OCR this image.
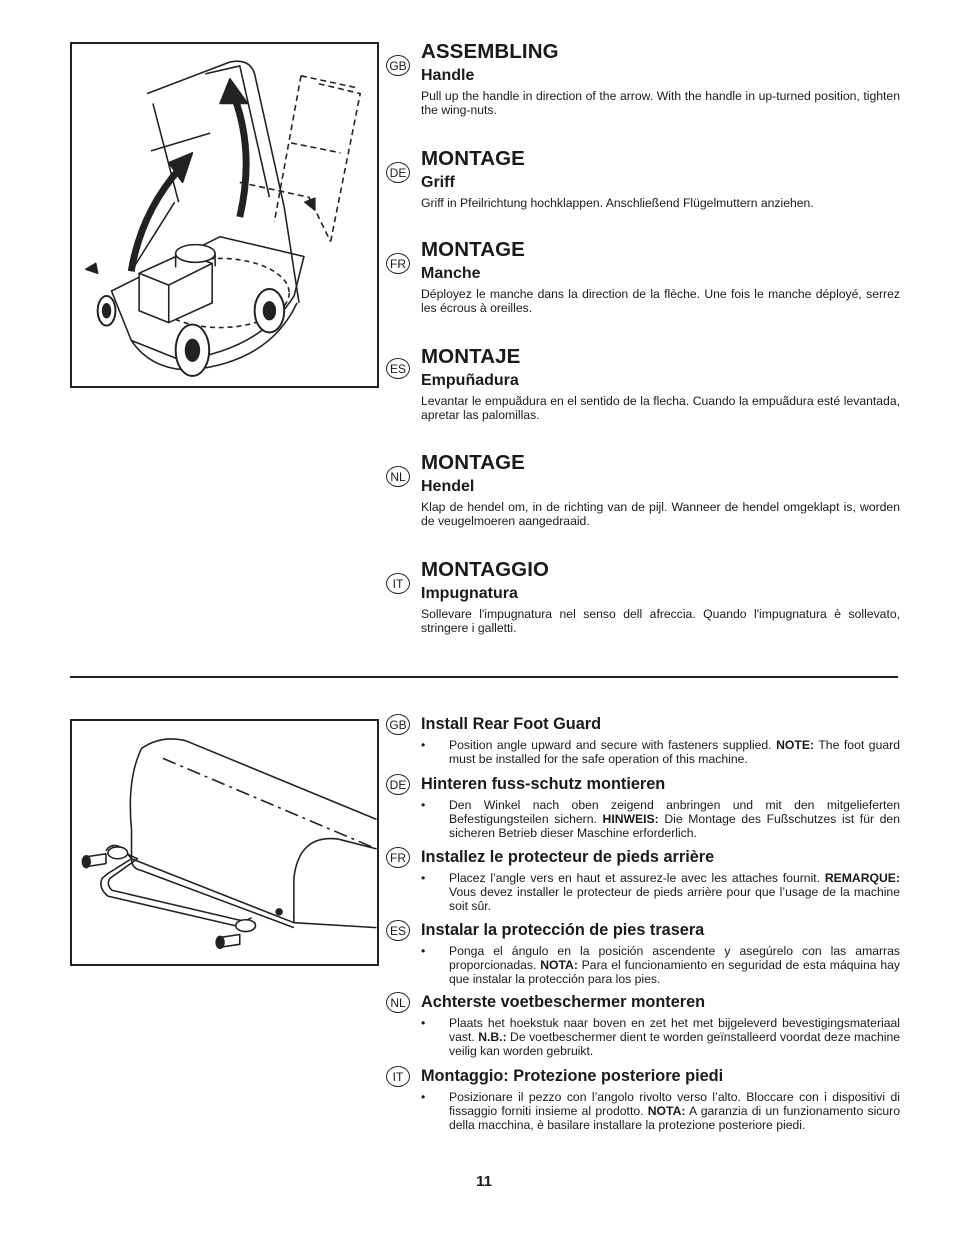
GB
ASSEMBLING
Handle
Pull up the handle in direction of the arrow. With the handle in up-turned position, tighten the wing-nuts.
DE
MONTAGE
Griff
Griff in Pfeilrichtung hochklappen. Anschließend Flügelmuttern anziehen.
FR
MONTAGE
Manche
Déployez le manche dans la direction de la flèche. Une fois le manche déployé, serrez les écrous à oreilles.
ES
MONTAJE
Empuñadura
Levantar le empuãdura en el sentido de la flecha. Cuando la empuãdura esté levantada, apretar las palomillas.
NL
MONTAGE
Hendel
Klap de hendel om, in de richting van de pijl. Wanneer de hendel omgeklapt is, worden de veugelmoeren aangedraaid.
IT
MONTAGGIO
Impugnatura
Sollevare l'impugnatura nel senso dell afreccia. Quando l'impugnatura è sollevato, stringere i galletti.
GB Install Rear Foot Guard
• Position angle upward and secure with fasteners supplied. NOTE: The foot guard must be installed for the safe operation of this machine.
DE Hinteren fuss-schutz montieren
• Den Winkel nach oben zeigend anbringen und mit den mitgelieferten Befestigungsteilen sichern. HINWEIS: Die Montage des Fußschutzes ist für den sicheren Betrieb dieser Maschine erforderlich.
FR Installez le protecteur de pieds arrière
• Placez l’angle vers en haut et assurez-le avec les attaches fournit. REMARQUE: Vous devez installer le protecteur de pieds arrière pour que l’usage de la machine soit sûr.
ES Instalar la protección de pies trasera
• Ponga el ángulo en la posición ascendente y asegúrelo con las amarras proporcionadas. NOTA: Para el funcionamiento en seguridad de esta máquina hay que instalar la protección para los pies.
NL Achterste voetbeschermer monteren
• Plaats het hoekstuk naar boven en zet het met bijgeleverd bevestigingsmateriaal vast. N.B.: De voetbeschermer dient te worden geïnstalleerd voordat deze machine veilig kan worden gebruikt.
IT	Montaggio: Protezione posteriore piedi
• Posizionare il pezzo con l’angolo rivolto verso l’alto. Bloccare con i dispositivi di fissaggio forniti insieme al prodotto. NOTA: A garanzia di un funzionamento sicuro della macchina, è basilare installare la protezione posteriore piedi.
11
